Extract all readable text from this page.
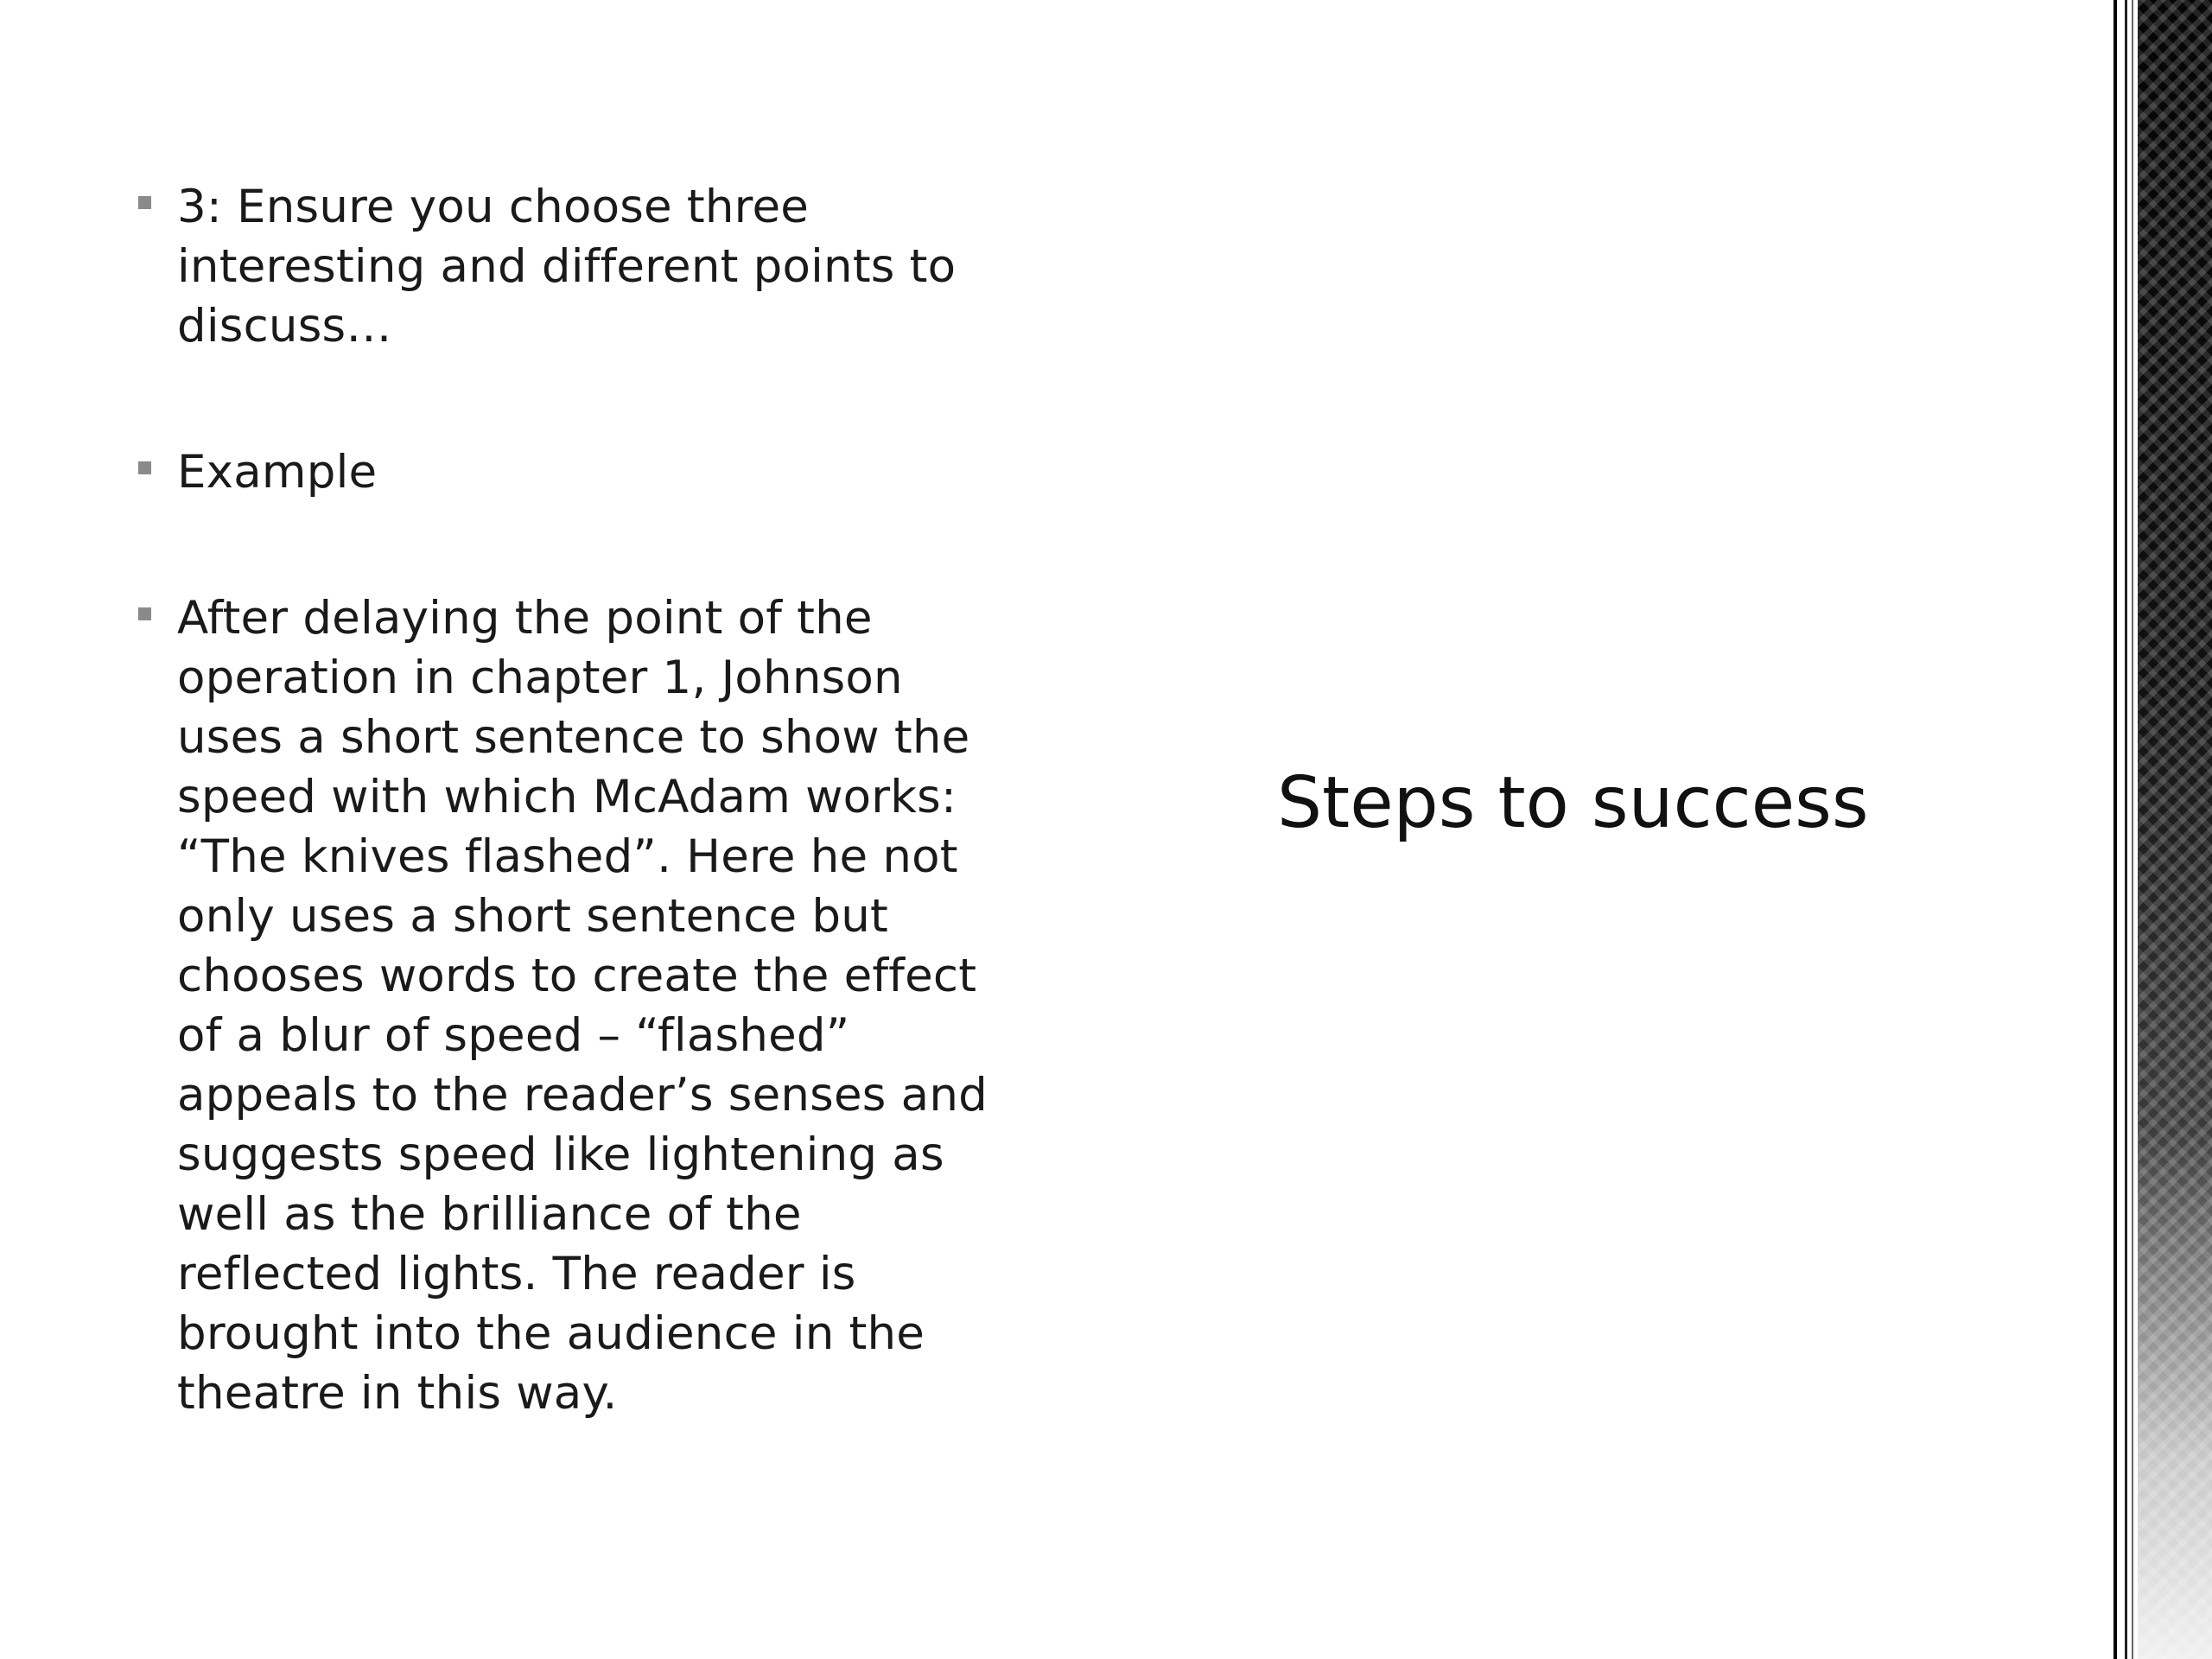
3: Ensure you choose three interesting and different points to discuss…

Example

After delaying the point of the operation in chapter 1, Johnson uses a short sentence to show the speed with which McAdam works: “The knives flashed”. Here he not only uses a short sentence but chooses words to create the effect of a blur of speed – “flashed” appeals to the reader’s senses and suggests speed like lightening as well as the brilliance of the reflected lights. The reader is brought into the audience in the theatre in this way.

Steps to success
